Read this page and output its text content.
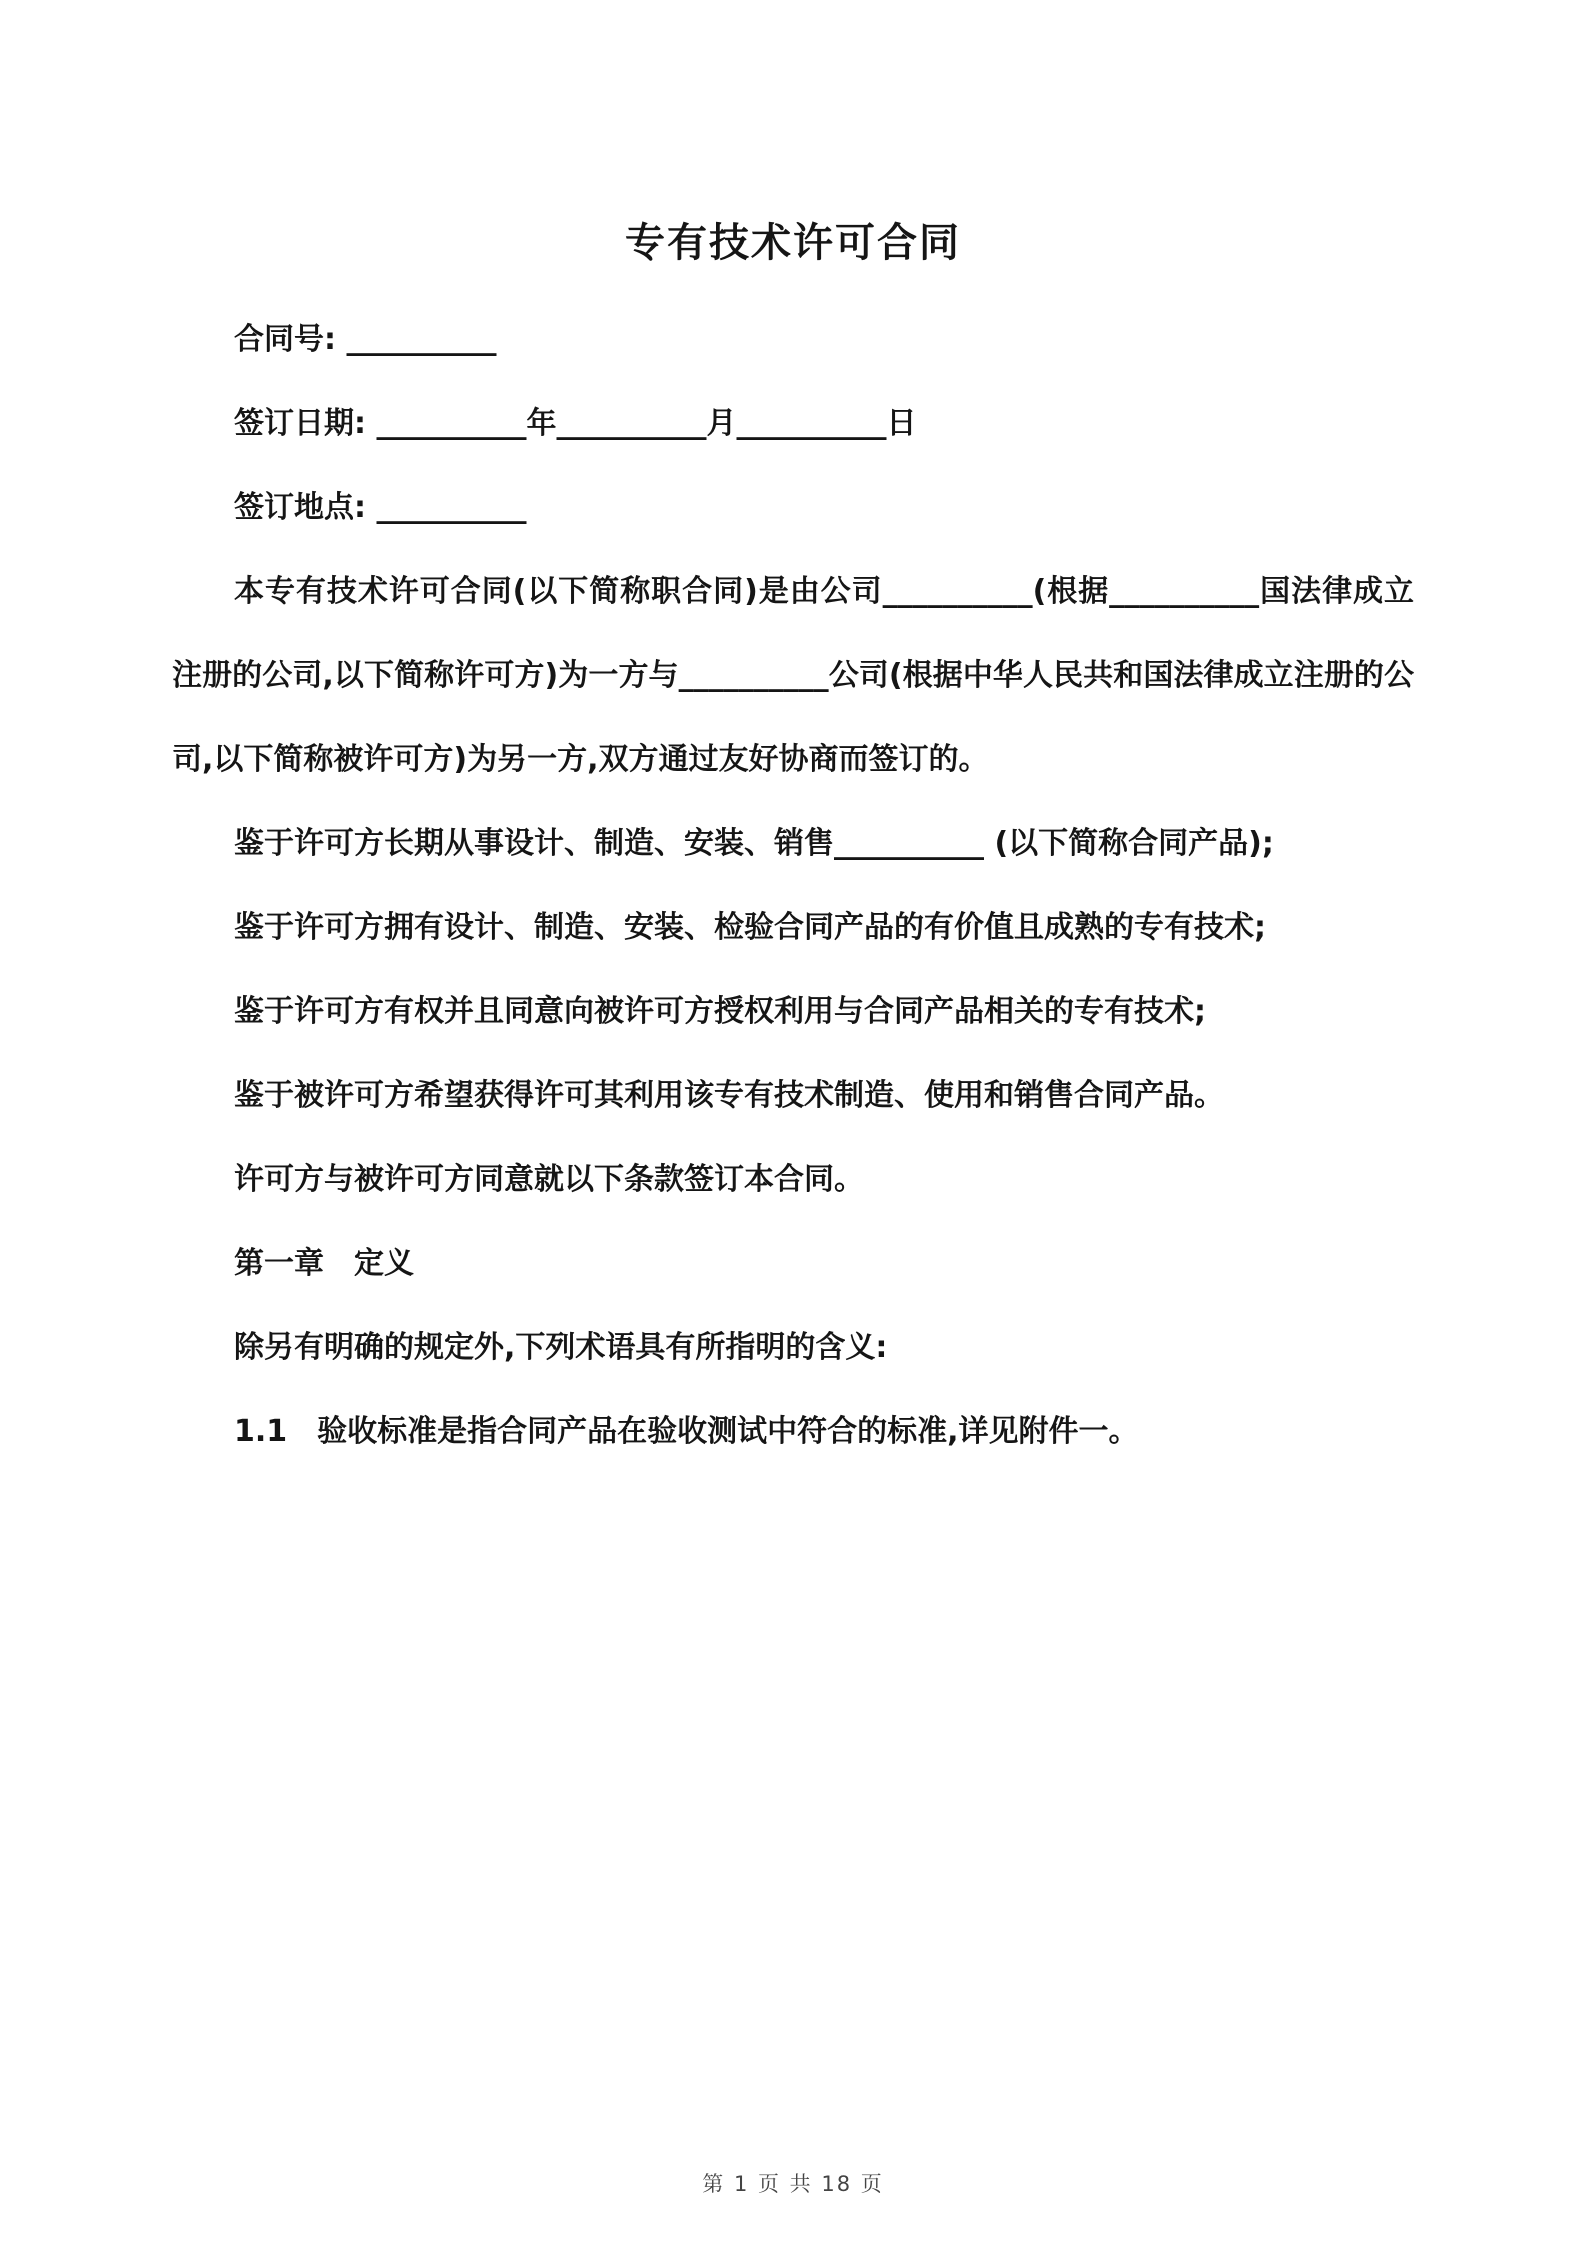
专有技术许可合同
合同号: __________
签订日期: __________年__________月__________日
签订地点: __________

本专有技术许可合同(以下简称职合同)是由公司__________(根据__________国法律成立注册的公司,以下简称许可方)为一方与__________公司(根据中华人民共和国法律成立注册的公司,以下简称被许可方)为另一方,双方通过友好协商而签订的。

鉴于许可方长期从事设计、制造、安装、销售__________ (以下简称合同产品);

鉴于许可方拥有设计、制造、安装、检验合同产品的有价值且成熟的专有技术;

鉴于许可方有权并且同意向被许可方授权利用与合同产品相关的专有技术;

鉴于被许可方希望获得许可其利用该专有技术制造、使用和销售合同产品。

许可方与被许可方同意就以下条款签订本合同。

第一章　定义

除另有明确的规定外,下列术语具有所指明的含义:

1.1　验收标准是指合同产品在验收测试中符合的标准,详见附件一。

第 1 页 共 18 页
